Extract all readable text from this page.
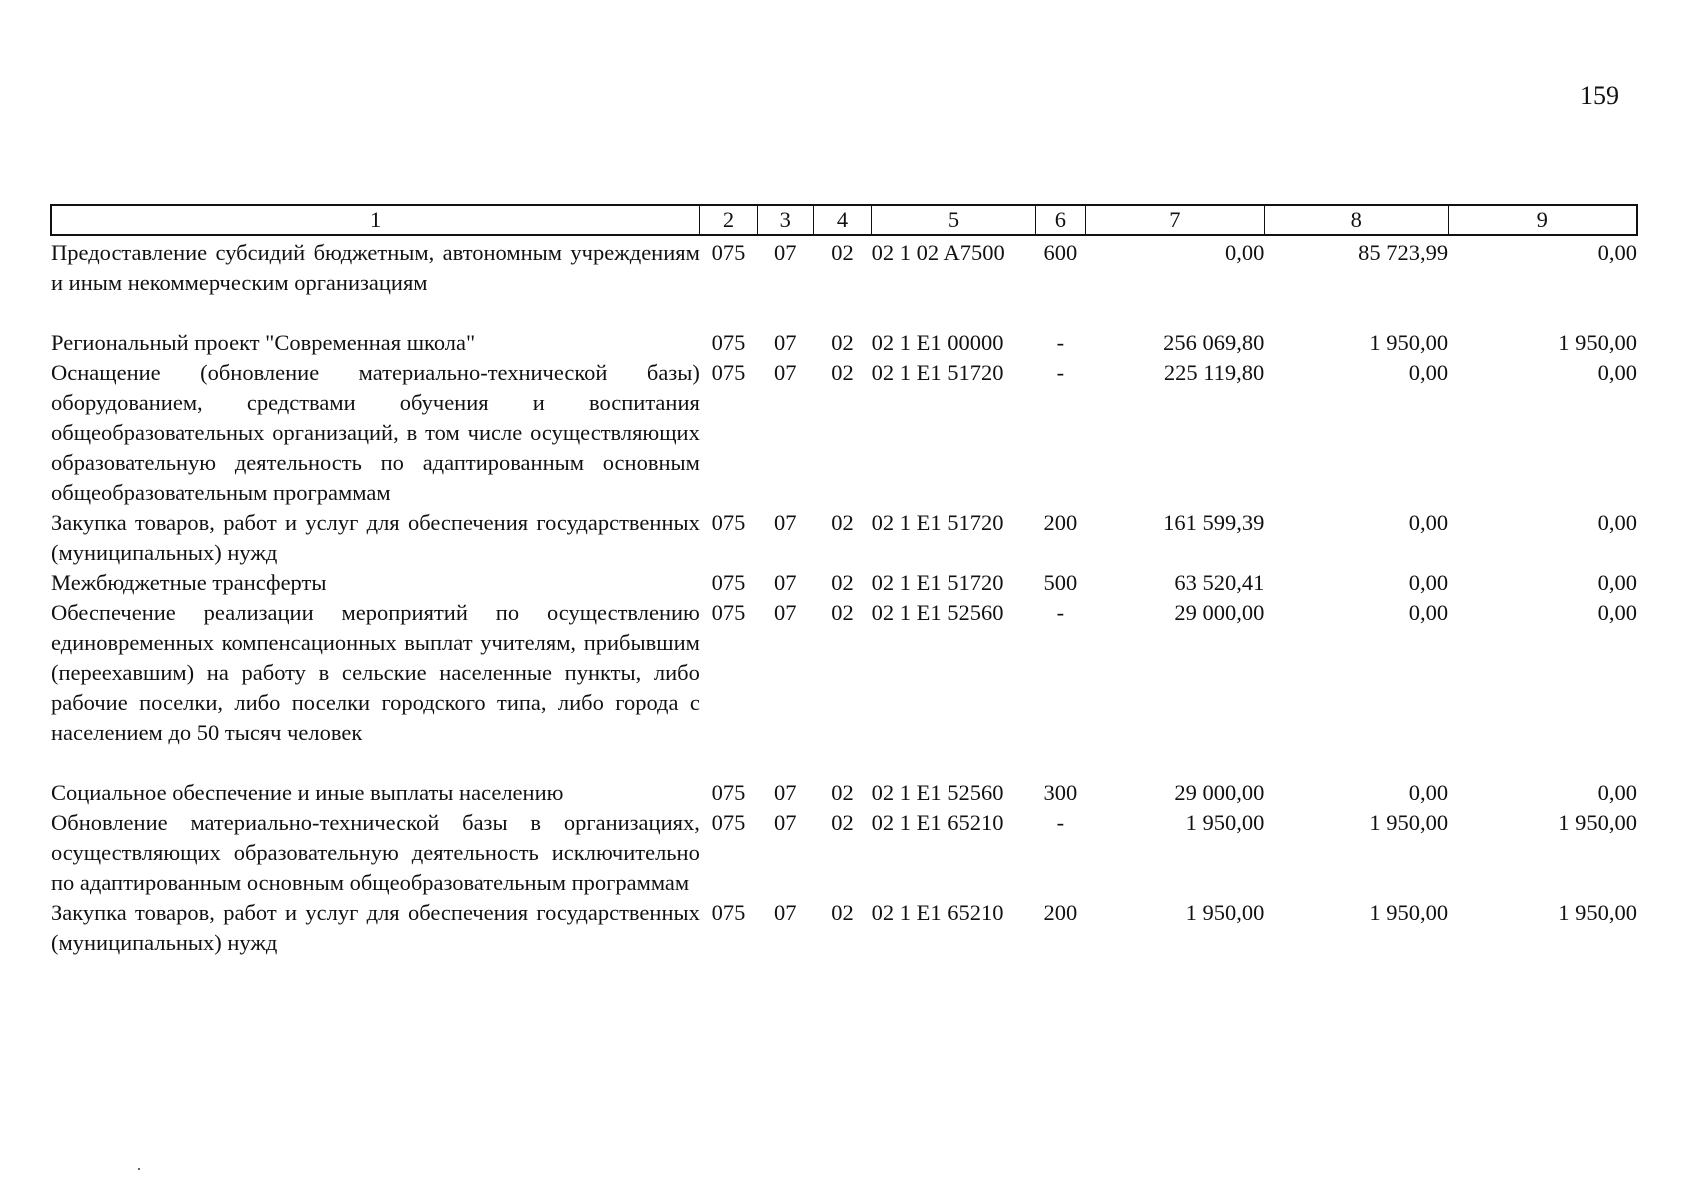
159
1	2	3	4	5	6	7	8	9
Предоставление субсидий бюджетным, автономным учреждениям и иным некоммерческим организациям	075	07	02	02 1 02 A7500	600	0,00	85 723,99	0,00
Региональный проект "Современная школа"	075	07	02	02 1 E1 00000	-	256 069,80	1 950,00	1 950,00
Оснащение (обновление материально-технической базы) оборудованием, средствами обучения и воспитания общеобразовательных организаций, в том числе осуществляющих образовательную деятельность по адаптированным основным общеобразовательным программам	075	07	02	02 1 E1 51720	-	225 119,80	0,00	0,00
Закупка товаров, работ и услуг для обеспечения государственных (муниципальных) нужд	075	07	02	02 1 E1 51720	200	161 599,39	0,00	0,00
Межбюджетные трансферты	075	07	02	02 1 E1 51720	500	63 520,41	0,00	0,00
Обеспечение реализации мероприятий по осуществлению единовременных компенсационных выплат учителям, прибывшим (переехавшим) на работу в сельские населенные пункты, либо рабочие поселки, либо поселки городского типа, либо города с населением до 50 тысяч человек	075	07	02	02 1 E1 52560	-	29 000,00	0,00	0,00
Социальное обеспечение и иные выплаты населению	075	07	02	02 1 E1 52560	300	29 000,00	0,00	0,00
Обновление материально-технической базы в организациях, осуществляющих образовательную деятельность исключительно по адаптированным основным общеобразовательным программам	075	07	02	02 1 E1 65210	-	1 950,00	1 950,00	1 950,00
Закупка товаров, работ и услуг для обеспечения государственных (муниципальных) нужд	075	07	02	02 1 E1 65210	200	1 950,00	1 950,00	1 950,00
